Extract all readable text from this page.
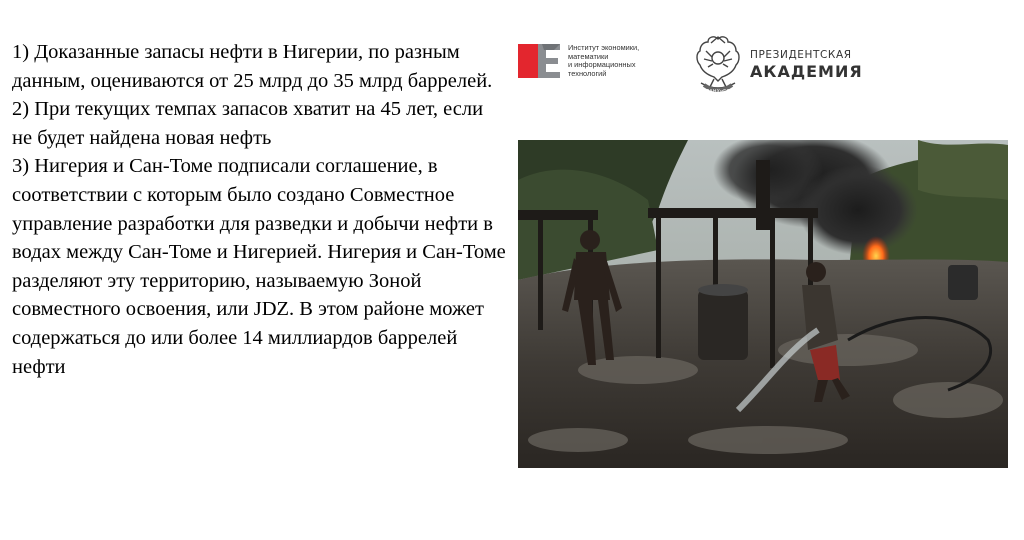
1) Доказанные запасы нефти в Нигерии, по разным данным, оцениваются от 25 млрд до 35 млрд баррелей.

2) При текущих темпах запасов хватит на 45 лет, если не будет найдена новая нефть

3) Нигерия и Сан-Томе подписали соглашение, в соответствии с которым было создано Совместное управление разработки для разведки и добычи нефти в водах между Сан-Томе и Нигерией. Нигерия и Сан-Томе разделяют эту территорию, называемую Зоной совместного освоения, или JDZ. В этом районе может содержаться до или более 14 миллиардов баррелей нефти

Институт экономики,
математики
и информационных
технологий
РАНХиГС
ПРЕЗИДЕНТСКАЯ
АКАДЕМИЯ
